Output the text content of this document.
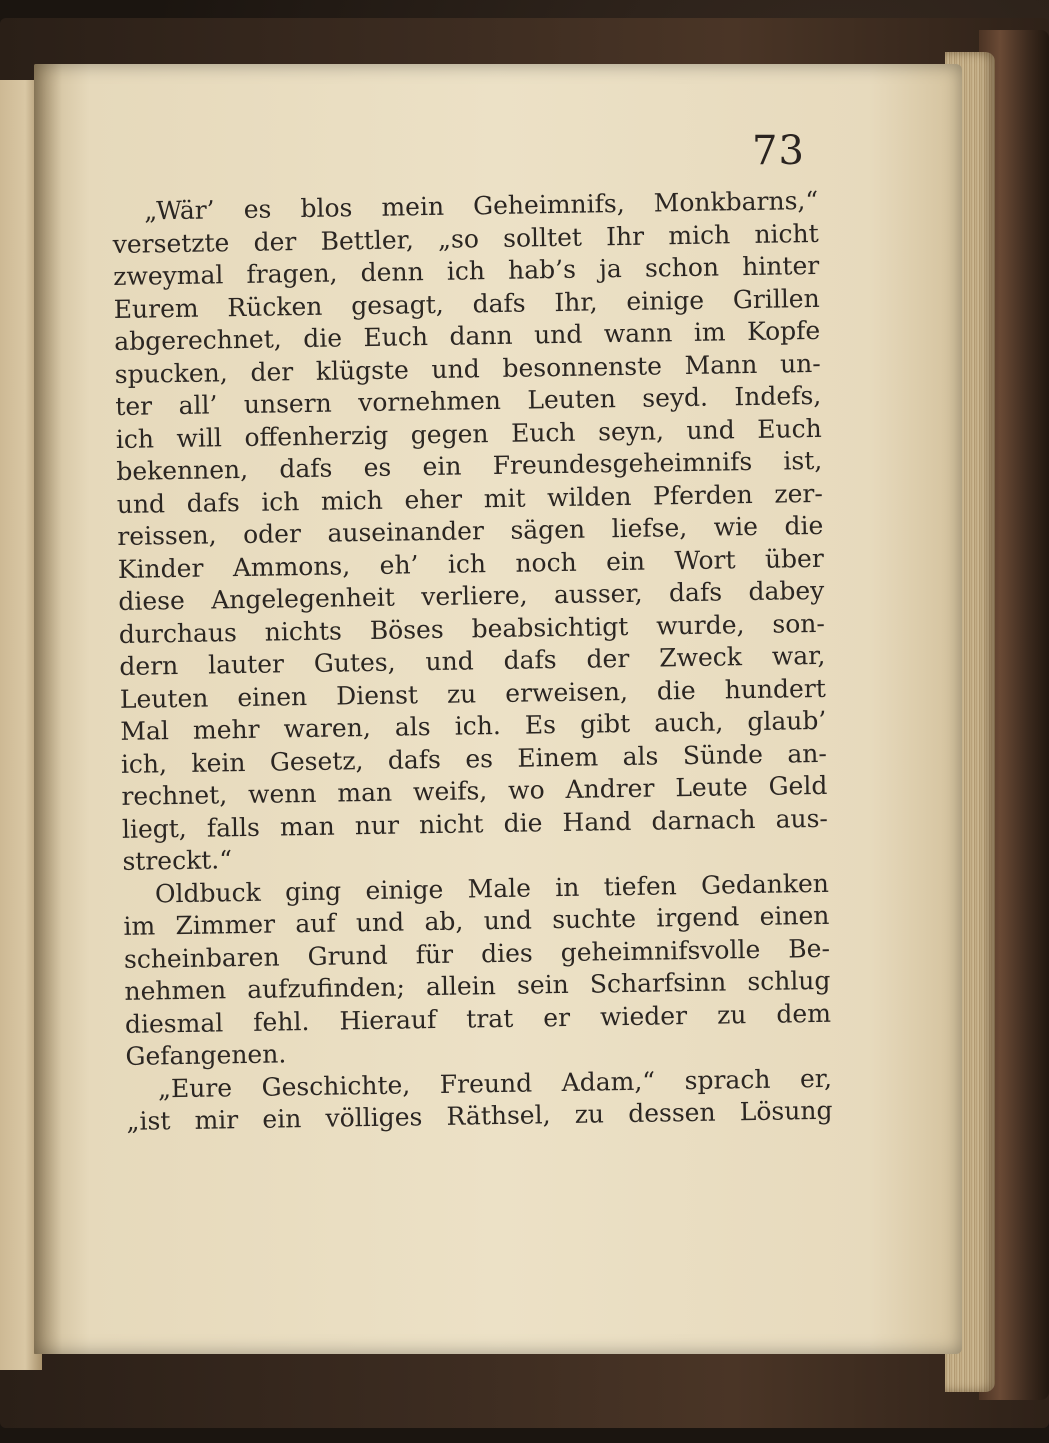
73
„Wär’ es blos mein Geheimnifs, Monkbarns,“
versetzte der Bettler, „so solltet Ihr mich nicht
zweymal fragen, denn ich hab’s ja schon hinter
Eurem Rücken gesagt, dafs Ihr, einige Grillen
abgerechnet, die Euch dann und wann im Kopfe
spucken, der klügste und besonnenste Mann un-
ter all’ unsern vornehmen Leuten seyd. Indefs,
ich will offenherzig gegen Euch seyn, und Euch
bekennen, dafs es ein Freundesgeheimnifs ist,
und dafs ich mich eher mit wilden Pferden zer-
reissen, oder auseinander sägen liefse, wie die
Kinder Ammons, eh’ ich noch ein Wort über
diese Angelegenheit verliere, ausser, dafs dabey
durchaus nichts Böses beabsichtigt wurde, son-
dern lauter Gutes, und dafs der Zweck war,
Leuten einen Dienst zu erweisen, die hundert
Mal mehr waren, als ich. Es gibt auch, glaub’
ich, kein Gesetz, dafs es Einem als Sünde an-
rechnet, wenn man weifs, wo Andrer Leute Geld
liegt, falls man nur nicht die Hand darnach aus-
streckt.“
Oldbuck ging einige Male in tiefen Gedanken
im Zimmer auf und ab, und suchte irgend einen
scheinbaren Grund für dies geheimnifsvolle Be-
nehmen aufzufinden; allein sein Scharfsinn schlug
diesmal fehl. Hierauf trat er wieder zu dem
Gefangenen.
„Eure Geschichte, Freund Adam,“ sprach er,
„ist mir ein völliges Räthsel, zu dessen Lösung
